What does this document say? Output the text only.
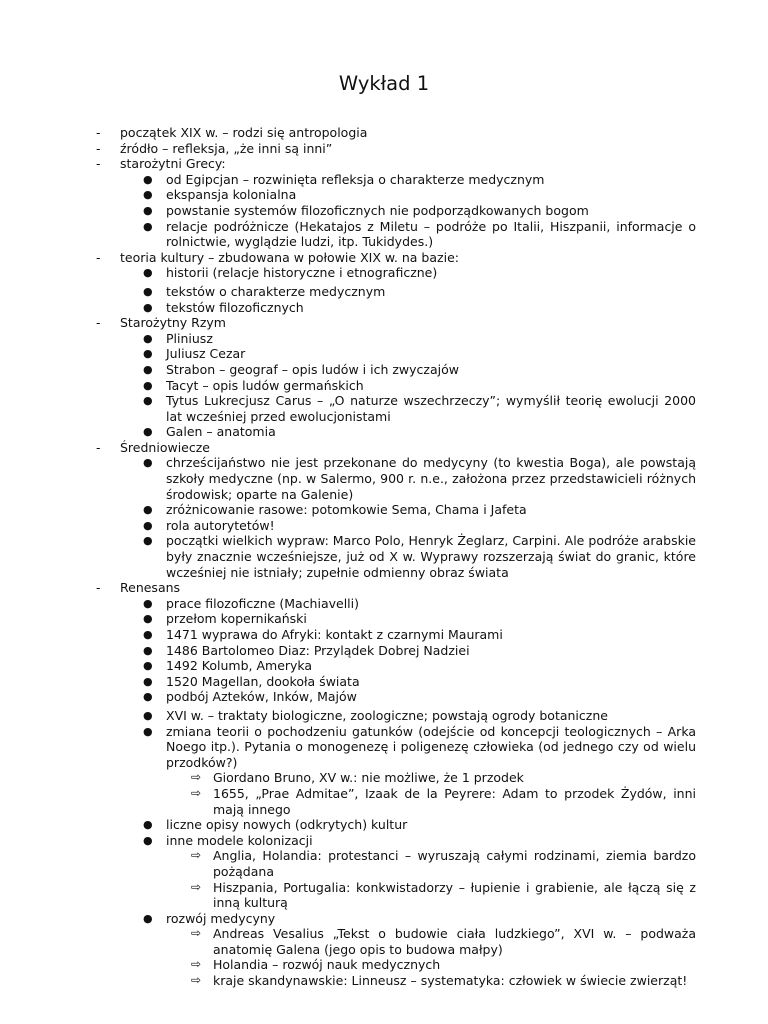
Wykład 1
- początek XIX w. – rodzi się antropologia
- źródło – refleksja, „że inni są inni”
- starożytni Grecy:
● od Egipcjan – rozwinięta refleksja o charakterze medycznym
● ekspansja kolonialna
● powstanie systemów filozoficznych nie podporządkowanych bogom
● relacje podróżnicze (Hekatajos z Miletu – podróże po Italii, Hiszpanii, informacje o rolnictwie, wyglądzie ludzi, itp. Tukidydes.)
- teoria kultury – zbudowana w połowie XIX w. na bazie:
● historii (relacje historyczne i etnograficzne)
● tekstów o charakterze medycznym
● tekstów filozoficznych
- Starożytny Rzym
● Pliniusz
● Juliusz Cezar
● Strabon – geograf – opis ludów i ich zwyczajów
● Tacyt – opis ludów germańskich
● Tytus Lukrecjusz Carus – „O naturze wszechrzeczy”; wymyślił teorię ewolucji 2000 lat wcześniej przed ewolucjonistami
● Galen – anatomia
- Średniowiecze
● chrześcijaństwo nie jest przekonane do medycyny (to kwestia Boga), ale powstają szkoły medyczne (np. w Salermo, 900 r. n.e., założona przez przedstawicieli różnych środowisk; oparte na Galenie)
● zróżnicowanie rasowe: potomkowie Sema, Chama i Jafeta
● rola autorytetów!
● początki wielkich wypraw: Marco Polo, Henryk Żeglarz, Carpini. Ale podróże arabskie były znacznie wcześniejsze, już od X w. Wyprawy rozszerzają świat do granic, które wcześniej nie istniały; zupełnie odmienny obraz świata
- Renesans
● prace filozoficzne (Machiavelli)
● przełom kopernikański
● 1471 wyprawa do Afryki: kontakt z czarnymi Maurami
● 1486 Bartolomeo Diaz: Przylądek Dobrej Nadziei
● 1492 Kolumb, Ameryka
● 1520 Magellan, dookoła świata
● podbój Azteków, Inków, Majów
● XVI w. – traktaty biologiczne, zoologiczne; powstają ogrody botaniczne
● zmiana teorii o pochodzeniu gatunków (odejście od koncepcji teologicznych – Arka Noego itp.). Pytania o monogenezę i poligenezę człowieka (od jednego czy od wielu przodków?)
⇨ Giordano Bruno, XV w.: nie możliwe, że 1 przodek
⇨ 1655, „Prae Admitae”, Izaak de la Peyrere: Adam to przodek Żydów, inni mają innego
● liczne opisy nowych (odkrytych) kultur
● inne modele kolonizacji
⇨ Anglia, Holandia: protestanci – wyruszają całymi rodzinami, ziemia bardzo pożądana
⇨ Hiszpania, Portugalia: konkwistadorzy – łupienie i grabienie, ale łączą się z inną kulturą
● rozwój medycyny
⇨ Andreas Vesalius „Tekst o budowie ciała ludzkiego”, XVI w. – podważa anatomię Galena (jego opis to budowa małpy)
⇨ Holandia – rozwój nauk medycznych
⇨ kraje skandynawskie: Linneusz – systematyka: człowiek w świecie zwierząt!
